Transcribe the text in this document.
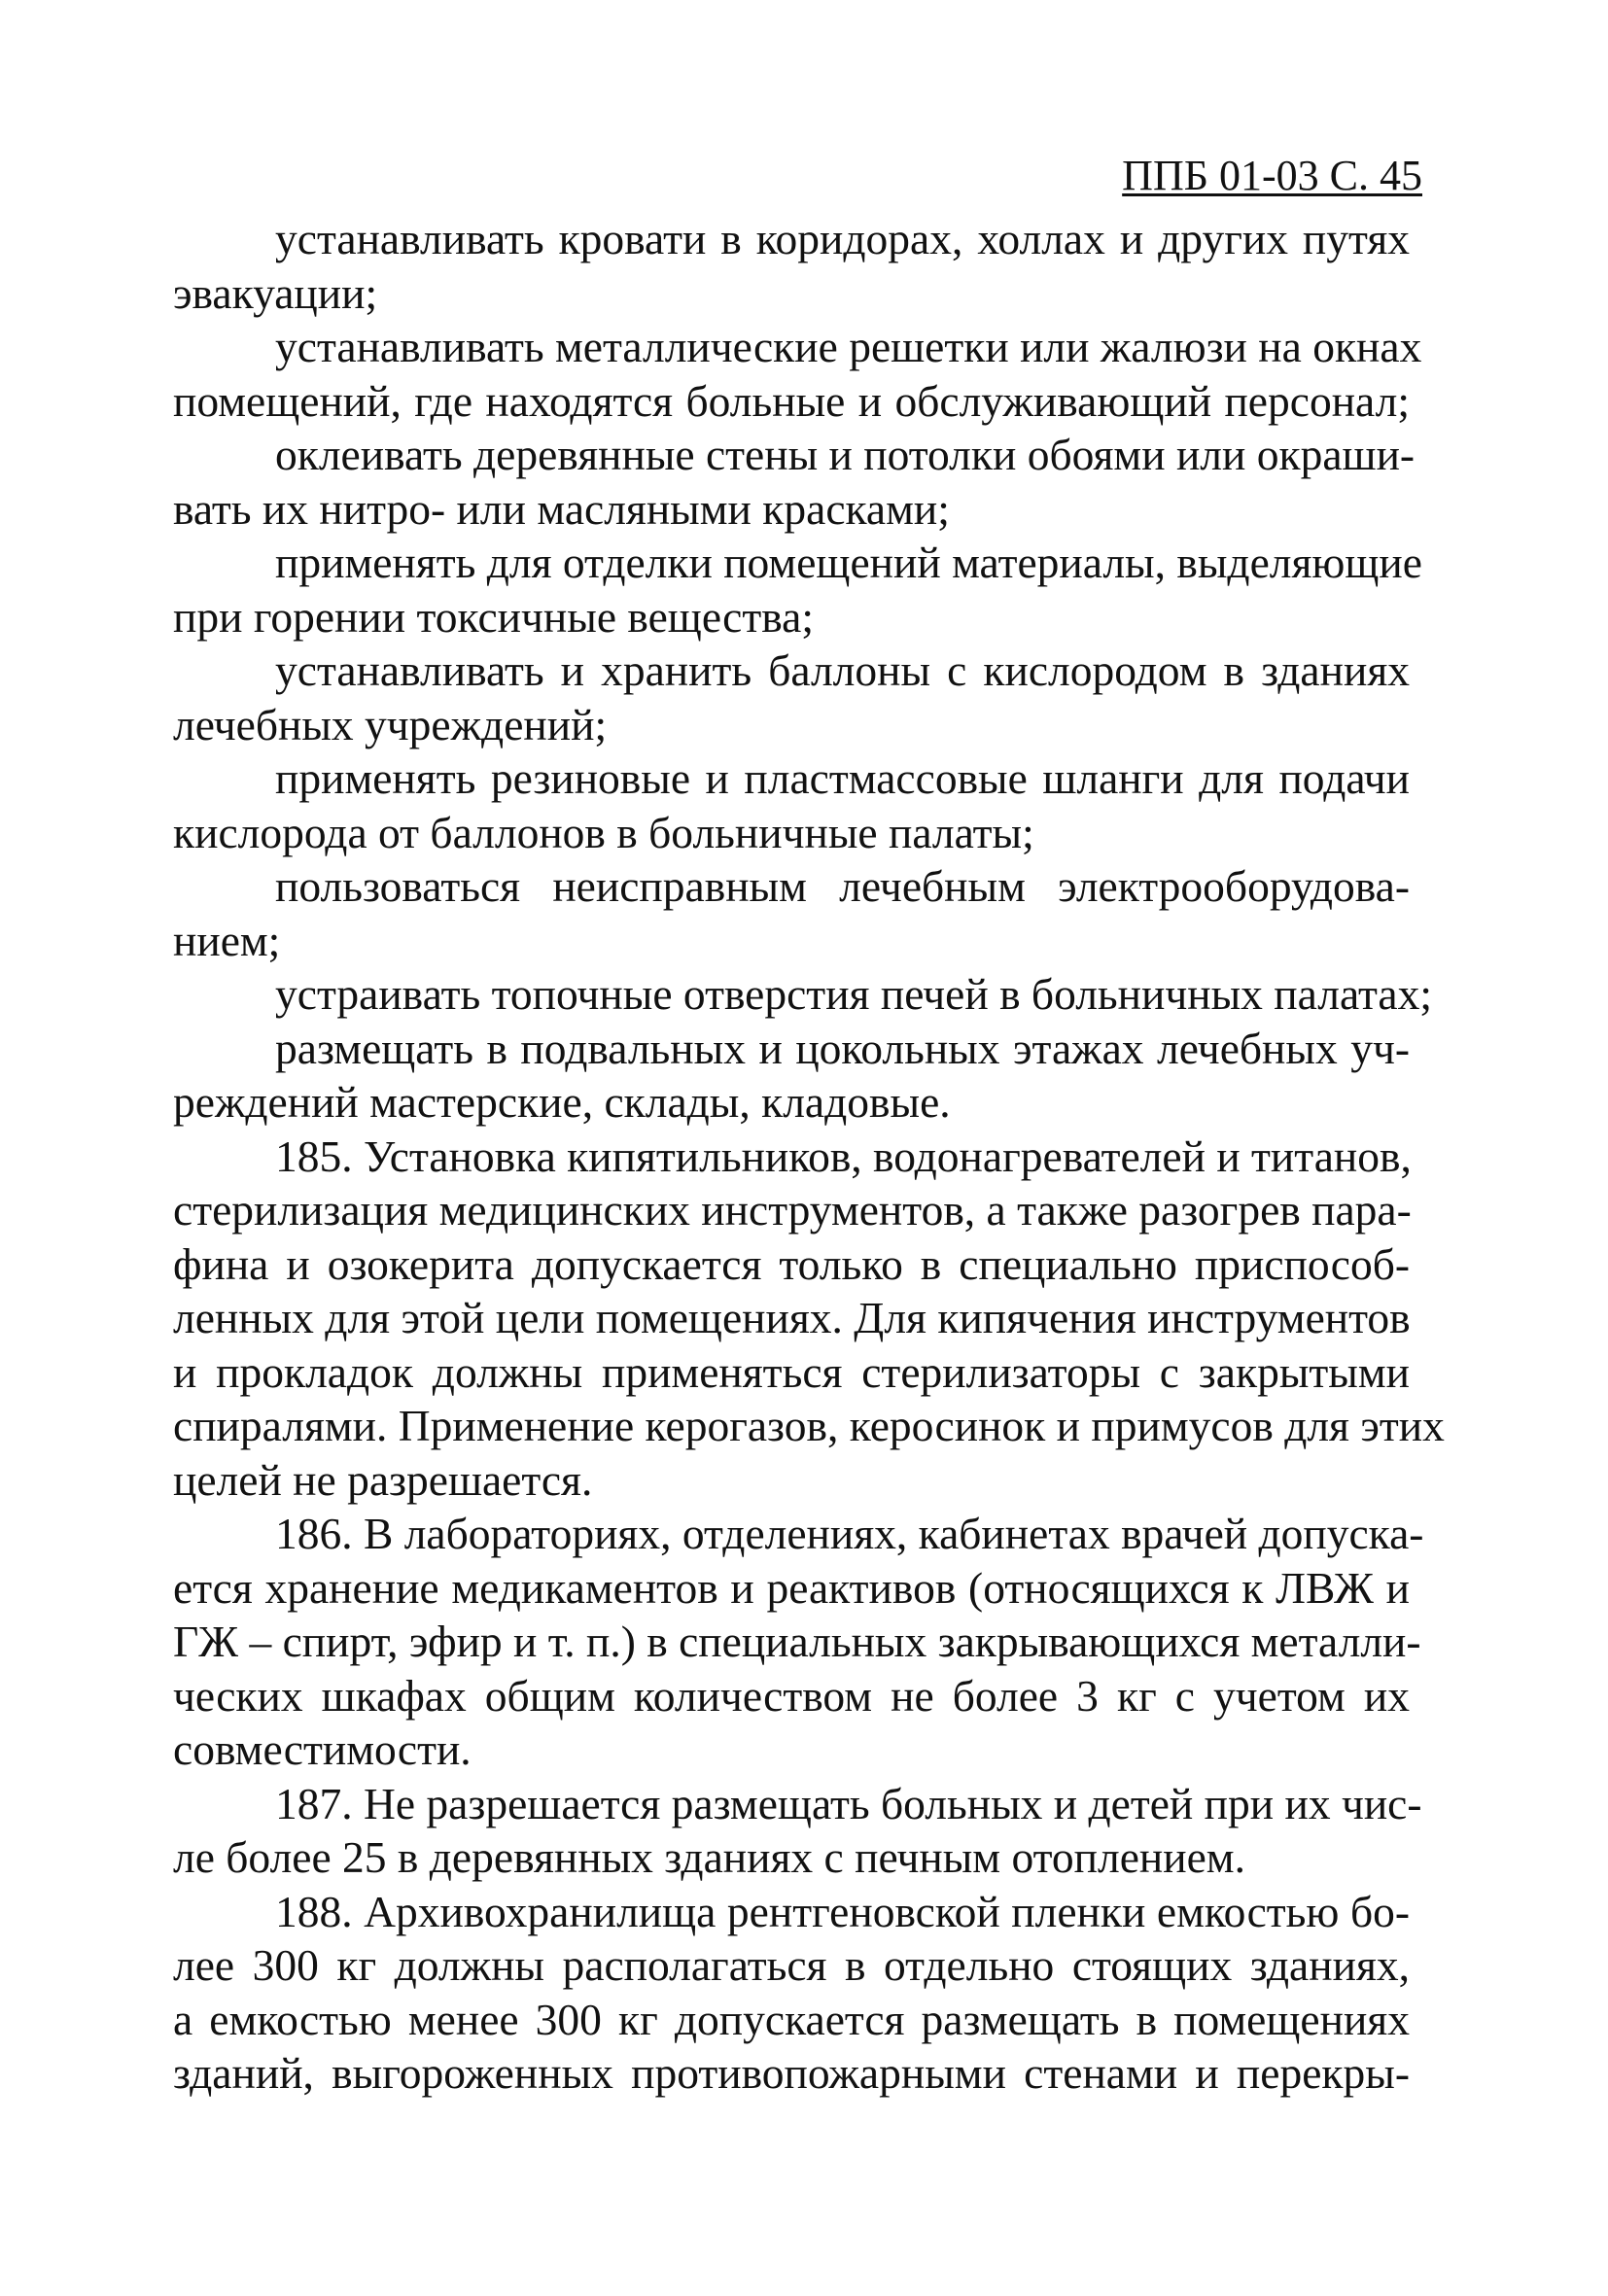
ППБ 01-03 С. 45
устанавливать кровати в коридорах, холлах и других путях
эвакуации;
устанавливать металлические решетки или жалюзи на окнах
помещений, где находятся больные и обслуживающий персонал;
оклеивать деревянные стены и потолки обоями или окраши-
вать их нитро- или масляными красками;
применять для отделки помещений материалы, выделяющие
при горении токсичные вещества;
устанавливать и хранить баллоны с кислородом в зданиях
лечебных учреждений;
применять резиновые и пластмассовые шланги для подачи
кислорода от баллонов в больничные палаты;
пользоваться неисправным лечебным электрооборудова-
нием;
устраивать топочные отверстия печей в больничных палатах;
размещать в подвальных и цокольных этажах лечебных уч-
реждений мастерские, склады, кладовые.
185. Установка кипятильников, водонагревателей и титанов,
стерилизация медицинских инструментов, а также разогрев пара-
фина и озокерита допускается только в специально приспособ-
ленных для этой цели помещениях. Для кипячения инструментов
и прокладок должны применяться стерилизаторы с закрытыми
спиралями. Применение керогазов, керосинок и примусов для этих
целей не разрешается.
186. В лабораториях, отделениях, кабинетах врачей допуска-
ется хранение медикаментов и реактивов (относящихся к ЛВЖ и
ГЖ – спирт, эфир и т. п.) в специальных закрывающихся металли-
ческих шкафах общим количеством не более 3 кг с учетом их
совместимости.
187. Не разрешается размещать больных и детей при их чис-
ле более 25 в деревянных зданиях с печным отоплением.
188. Архивохранилища рентгеновской пленки емкостью бо-
лее 300 кг должны располагаться в отдельно стоящих зданиях,
а емкостью менее 300 кг допускается размещать в помещениях
зданий, выгороженных противопожарными стенами и перекры-
